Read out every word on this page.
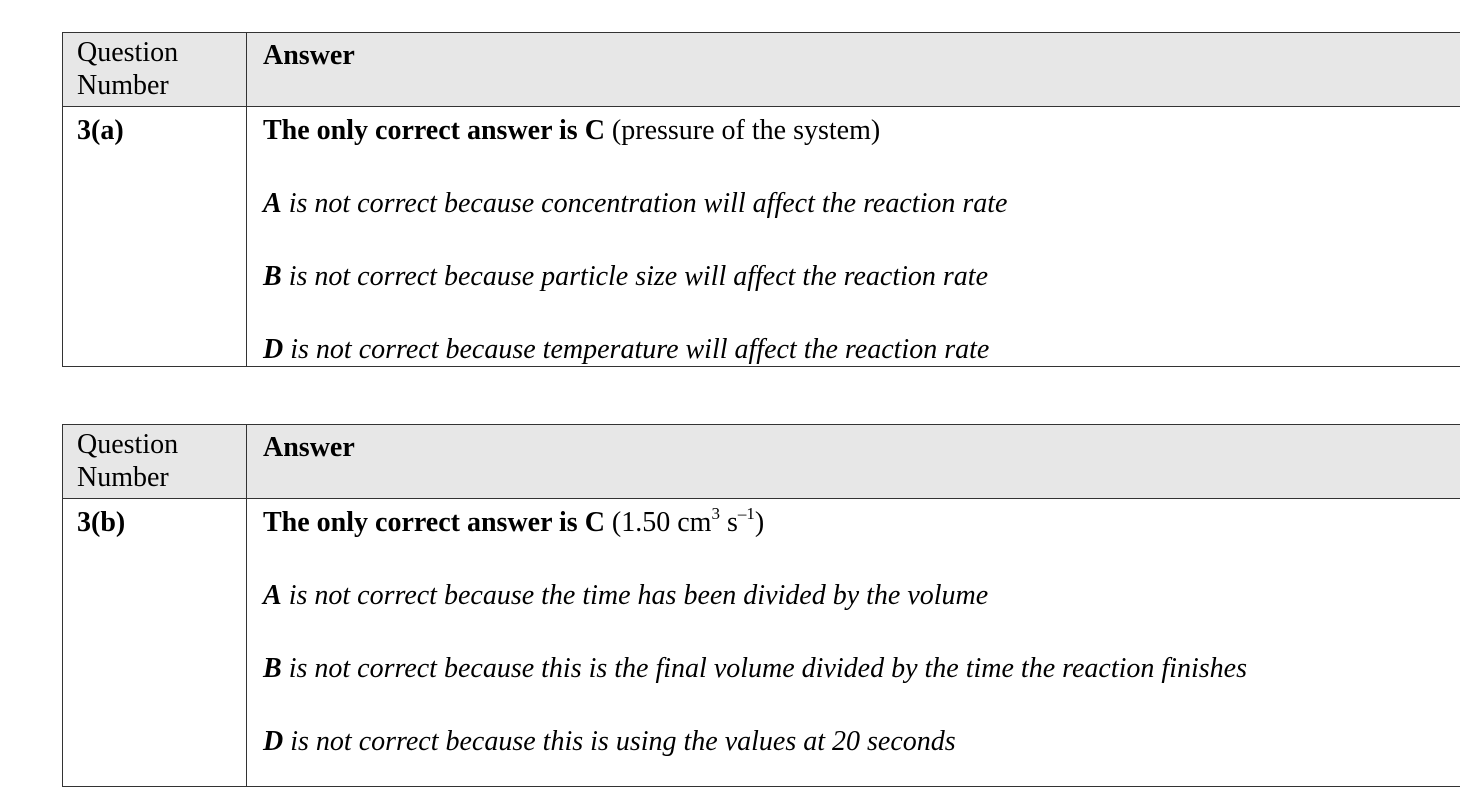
Question
Number	Answer

3(a)	The only correct answer is C (pressure of the system)
A is not correct because concentration will affect the reaction rate
B is not correct because particle size will affect the reaction rate
D is not correct because temperature will affect the reaction rate
Question
Number	Answer

3(b)	The only correct answer is C (1.50 $cm^3$ $s^{-1}$)
A is not correct because the time has been divided by the volume
B is not correct because this is the final volume divided by the time the reaction finishes
D is not correct because this is using the values at 20 seconds
